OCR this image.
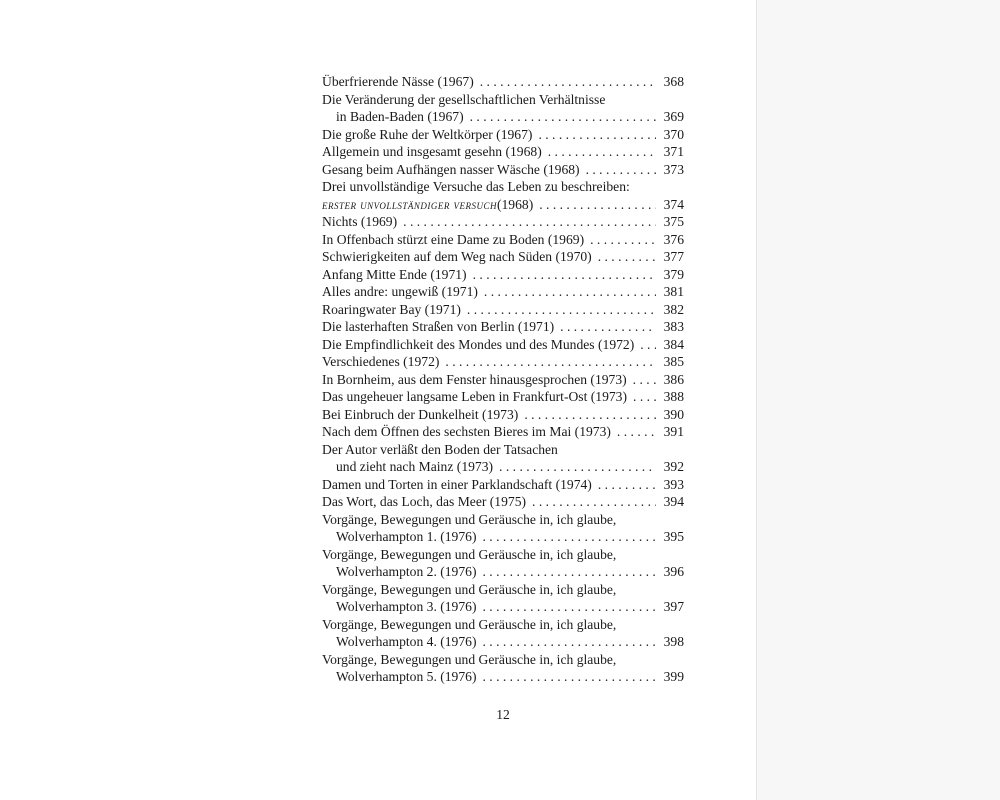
Überfrierende Nässe (1967) . . .	368
Die Veränderung der gesellschaftlichen Verhältnisse
in Baden-Baden (1967) . . .	369
Die große Ruhe der Weltkörper (1967) . . .	370
Allgemein und insgesamt gesehn (1968) . . .	371
Gesang beim Aufhängen nasser Wäsche (1968) . . .	373
Drei unvollständige Versuche das Leben zu beschreiben:
erster unvollständiger versuch (1968) . . .	374
Nichts (1969) . . .	375
In Offenbach stürzt eine Dame zu Boden (1969) . . .	376
Schwierigkeiten auf dem Weg nach Süden (1970) . . .	377
Anfang Mitte Ende (1971) . . .	379
Alles andre: ungewiß (1971) . . .	381
Roaringwater Bay (1971) . . .	382
Die lasterhaften Straßen von Berlin (1971) . . .	383
Die Empfindlichkeit des Mondes und des Mundes (1972) . . .	384
Verschiedenes (1972) . . .	385
In Bornheim, aus dem Fenster hinausgesprochen (1973) . . .	386
Das ungeheuer langsame Leben in Frankfurt-Ost (1973) . . .	388
Bei Einbruch der Dunkelheit (1973) . . .	390
Nach dem Öffnen des sechsten Bieres im Mai (1973) . . .	391
Der Autor verläßt den Boden der Tatsachen
und zieht nach Mainz (1973) . . .	392
Damen und Torten in einer Parklandschaft (1974) . . .	393
Das Wort, das Loch, das Meer (1975) . . .	394
Vorgänge, Bewegungen und Geräusche in, ich glaube,
Wolverhampton 1. (1976) . . .	395
Vorgänge, Bewegungen und Geräusche in, ich glaube,
Wolverhampton 2. (1976) . . .	396
Vorgänge, Bewegungen und Geräusche in, ich glaube,
Wolverhampton 3. (1976) . . .	397
Vorgänge, Bewegungen und Geräusche in, ich glaube,
Wolverhampton 4. (1976) . . .	398
Vorgänge, Bewegungen und Geräusche in, ich glaube,
Wolverhampton 5. (1976) . . .	399
12
